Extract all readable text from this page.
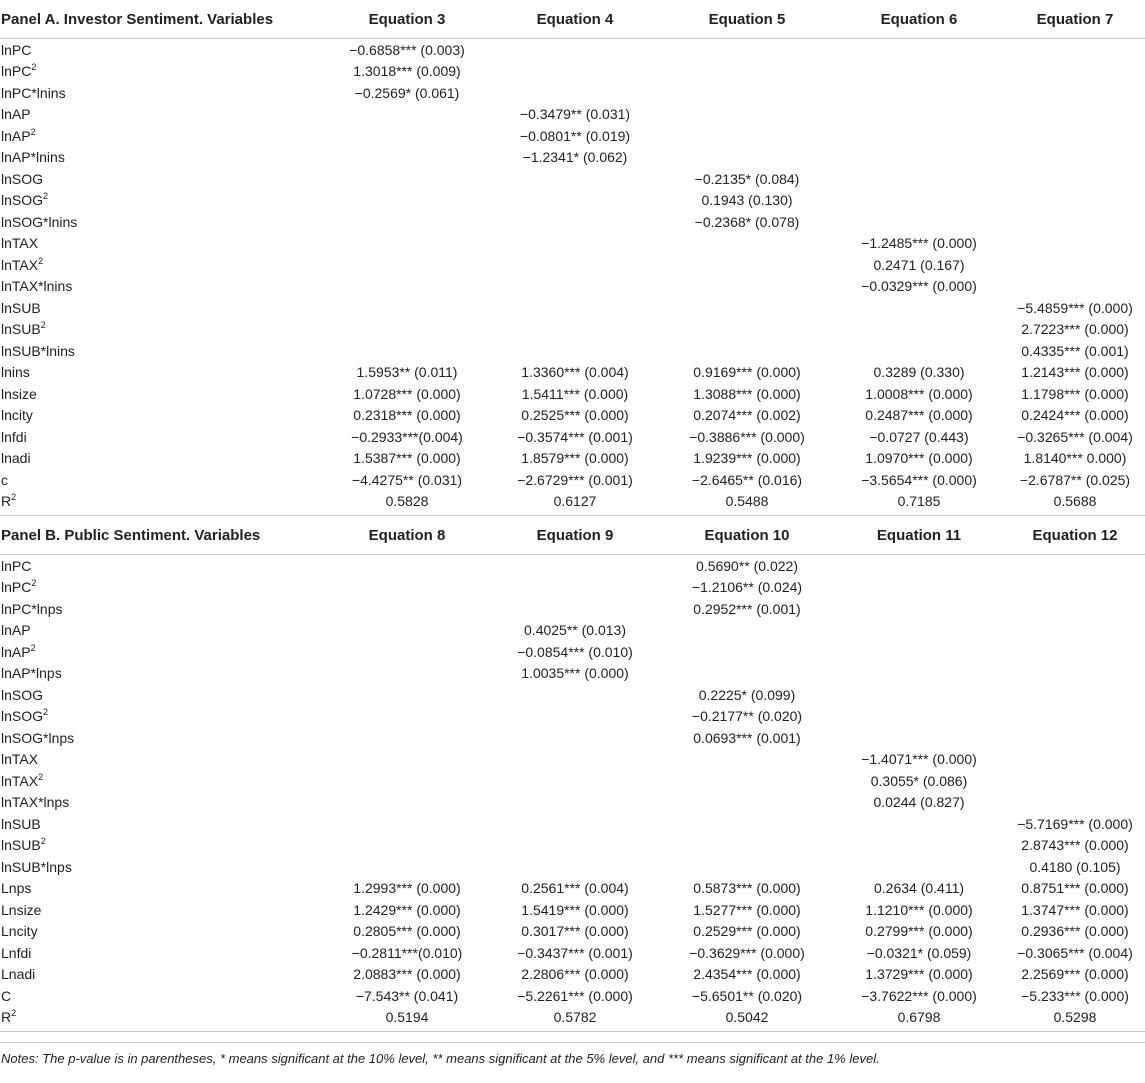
Panel A. Investor Sentiment. Variables	Equation 3	Equation 4	Equation 5	Equation 6	Equation 7
lnPC	−0.6858*** (0.003)				
lnPC$^2$	1.3018*** (0.009)				
lnPC*lnins	−0.2569* (0.061)				
lnAP		−0.3479** (0.031)			
lnAP$^2$		−0.0801** (0.019)			
lnAP*lnins		−1.2341* (0.062)			
lnSOG			−0.2135* (0.084)		
lnSOG$^2$			0.1943 (0.130)		
lnSOG*lnins			−0.2368* (0.078)		
lnTAX				−1.2485*** (0.000)	
lnTAX$^2$				0.2471 (0.167)	
lnTAX*lnins				−0.0329*** (0.000)	
lnSUB					−5.4859*** (0.000)
lnSUB$^2$					2.7223*** (0.000)
lnSUB*lnins					0.4335*** (0.001)
lnins	1.5953** (0.011)	1.3360*** (0.004)	0.9169*** (0.000)	0.3289 (0.330)	1.2143*** (0.000)
lnsize	1.0728*** (0.000)	1.5411*** (0.000)	1.3088*** (0.000)	1.0008*** (0.000)	1.1798*** (0.000)
lncity	0.2318*** (0.000)	0.2525*** (0.000)	0.2074*** (0.002)	0.2487*** (0.000)	0.2424*** (0.000)
lnfdi	−0.2933***(0.004)	−0.3574*** (0.001)	−0.3886*** (0.000)	−0.0727 (0.443)	−0.3265*** (0.004)
lnadi	1.5387*** (0.000)	1.8579*** (0.000)	1.9239*** (0.000)	1.0970*** (0.000)	1.8140*** 0.000)
c	−4.4275** (0.031)	−2.6729*** (0.001)	−2.6465** (0.016)	−3.5654*** (0.000)	−2.6787** (0.025)
$R^2$	0.5828	0.6127	0.5488	0.7185	0.5688
Panel B. Public Sentiment. Variables	Equation 8	Equation 9	Equation 10	Equation 11	Equation 12
lnPC			0.5690** (0.022)		
lnPC$^2$			−1.2106** (0.024)		
lnPC*lnps			0.2952*** (0.001)		
lnAP		0.4025** (0.013)			
lnAP$^2$		−0.0854*** (0.010)			
lnAP*lnps		1.0035*** (0.000)			
lnSOG			0.2225* (0.099)		
lnSOG$^2$			−0.2177** (0.020)		
lnSOG*lnps			0.0693*** (0.001)		
lnTAX				−1.4071*** (0.000)	
lnTAX$^2$				0.3055* (0.086)	
lnTAX*lnps				0.0244 (0.827)	
lnSUB					−5.7169*** (0.000)
lnSUB$^2$					2.8743*** (0.000)
lnSUB*lnps					0.4180 (0.105)
Lnps	1.2993*** (0.000)	0.2561*** (0.004)	0.5873*** (0.000)	0.2634 (0.411)	0.8751*** (0.000)
Lnsize	1.2429*** (0.000)	1.5419*** (0.000)	1.5277*** (0.000)	1.1210*** (0.000)	1.3747*** (0.000)
Lncity	0.2805*** (0.000)	0.3017*** (0.000)	0.2529*** (0.000)	0.2799*** (0.000)	0.2936*** (0.000)
Lnfdi	−0.2811***(0.010)	−0.3437*** (0.001)	−0.3629*** (0.000)	−0.0321* (0.059)	−0.3065*** (0.004)
Lnadi	2.0883*** (0.000)	2.2806*** (0.000)	2.4354*** (0.000)	1.3729*** (0.000)	2.2569*** (0.000)
C	−7.543** (0.041)	−5.2261*** (0.000)	−5.6501** (0.020)	−3.7622*** (0.000)	−5.233*** (0.000)
$R^2$	0.5194	0.5782	0.5042	0.6798	0.5298
Notes: The p-value is in parentheses, * means significant at the 10% level, ** means significant at the 5% level, and *** means significant at the 1% level.
